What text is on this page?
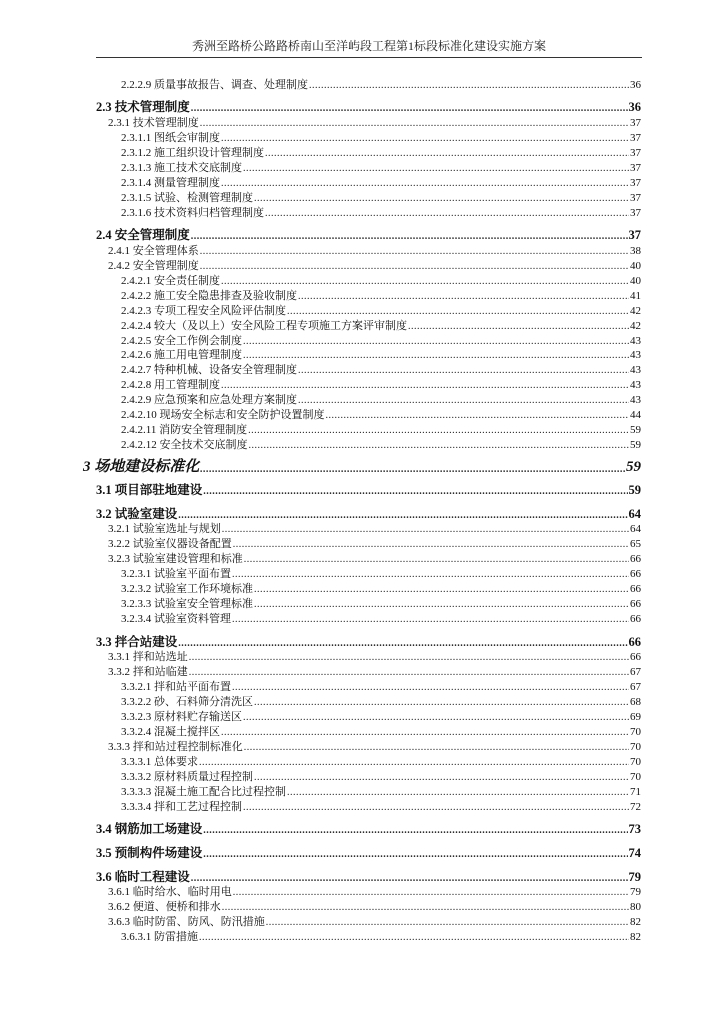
秀洲至路桥公路路桥南山至洋屿段工程第1标段标准化建设实施方案
2.2.2.9 质量事故报告、调查、处理制度 .....	36
2.3 技术管理制度 .....	36
2.3.1 技术管理制度 .....	37
2.3.1.1 图纸会审制度 .....	37
2.3.1.2 施工组织设计管理制度 .....	37
2.3.1.3 施工技术交底制度 .....	37
2.3.1.4 测量管理制度 .....	37
2.3.1.5 试验、检测管理制度 .....	37
2.3.1.6 技术资料归档管理制度 .....	37
2.4 安全管理制度 .....	37
2.4.1 安全管理体系 .....	38
2.4.2 安全管理制度 .....	40
2.4.2.1 安全责任制度 .....	40
2.4.2.2 施工安全隐患排查及验收制度 .....	41
2.4.2.3 专项工程安全风险评估制度 .....	42
2.4.2.4 较大（及以上）安全风险工程专项施工方案评审制度 .....	42
2.4.2.5 安全工作例会制度 .....	43
2.4.2.6 施工用电管理制度 .....	43
2.4.2.7 特种机械、设备安全管理制度 .....	43
2.4.2.8 用工管理制度 .....	43
2.4.2.9 应急预案和应急处理方案制度 .....	43
2.4.2.10 现场安全标志和安全防护设置制度 .....	44
2.4.2.11 消防安全管理制度 .....	59
2.4.2.12 安全技术交底制度 .....	59
3 场地建设标准化 .....	59
3.1 项目部驻地建设 .....	59
3.2 试验室建设 .....	64
3.2.1 试验室选址与规划 .....	64
3.2.2 试验室仪器设备配置 .....	65
3.2.3 试验室建设管理和标准 .....	66
3.2.3.1 试验室平面布置 .....	66
3.2.3.2 试验室工作环境标准 .....	66
3.2.3.3 试验室安全管理标准 .....	66
3.2.3.4 试验室资料管理 .....	66
3.3 拌合站建设 .....	66
3.3.1 拌和站选址 .....	66
3.3.2 拌和站临建 .....	67
3.3.2.1 拌和站平面布置 .....	67
3.3.2.2 砂、石料筛分清洗区 .....	68
3.3.2.3 原材料贮存输送区 .....	69
3.3.2.4 混凝土搅拌区 .....	70
3.3.3 拌和站过程控制标准化 .....	70
3.3.3.1 总体要求 .....	70
3.3.3.2 原材料质量过程控制 .....	70
3.3.3.3 混凝土施工配合比过程控制 .....	71
3.3.3.4 拌和工艺过程控制 .....	72
3.4 钢筋加工场建设 .....	73
3.5 预制构件场建设 .....	74
3.6 临时工程建设 .....	79
3.6.1 临时给水、临时用电 .....	79
3.6.2 便道、便桥和排水 .....	80
3.6.3 临时防雷、防风、防汛措施 .....	82
3.6.3.1 防雷措施 .....	82
